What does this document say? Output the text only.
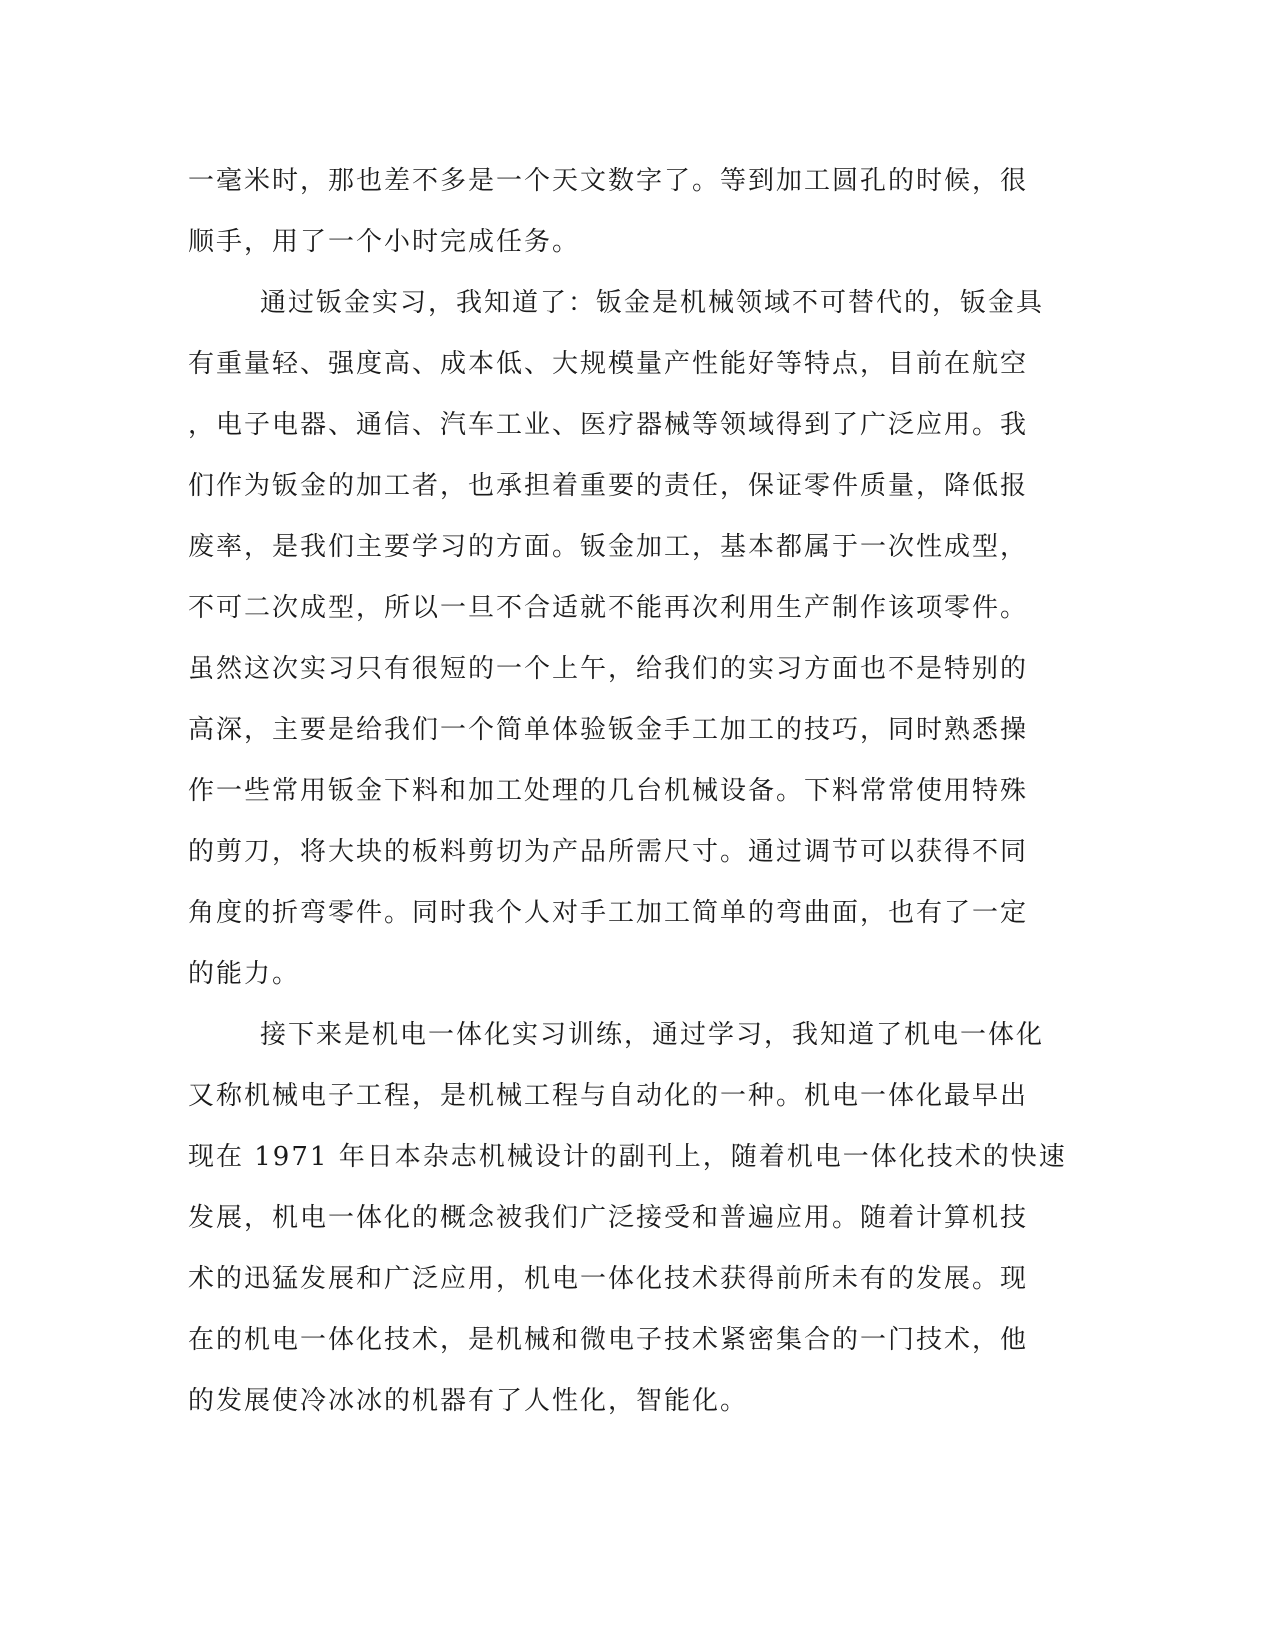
一毫米时，那也差不多是一个天文数字了。等到加工圆孔的时候，很
顺手，用了一个小时完成任务。
通过钣金实习，我知道了：钣金是机械领域不可替代的，钣金具
有重量轻、强度高、成本低、大规模量产性能好等特点，目前在航空
，电子电器、通信、汽车工业、医疗器械等领域得到了广泛应用。我
们作为钣金的加工者，也承担着重要的责任，保证零件质量，降低报
废率，是我们主要学习的方面。钣金加工，基本都属于一次性成型，
不可二次成型，所以一旦不合适就不能再次利用生产制作该项零件。
虽然这次实习只有很短的一个上午，给我们的实习方面也不是特别的
高深，主要是给我们一个简单体验钣金手工加工的技巧，同时熟悉操
作一些常用钣金下料和加工处理的几台机械设备。下料常常使用特殊
的剪刀，将大块的板料剪切为产品所需尺寸。通过调节可以获得不同
角度的折弯零件。同时我个人对手工加工简单的弯曲面，也有了一定
的能力。
接下来是机电一体化实习训练，通过学习，我知道了机电一体化
又称机械电子工程，是机械工程与自动化的一种。机电一体化最早出
现在 1971 年日本杂志机械设计的副刊上，随着机电一体化技术的快速
发展，机电一体化的概念被我们广泛接受和普遍应用。随着计算机技
术的迅猛发展和广泛应用，机电一体化技术获得前所未有的发展。现
在的机电一体化技术，是机械和微电子技术紧密集合的一门技术，他
的发展使冷冰冰的机器有了人性化，智能化。
